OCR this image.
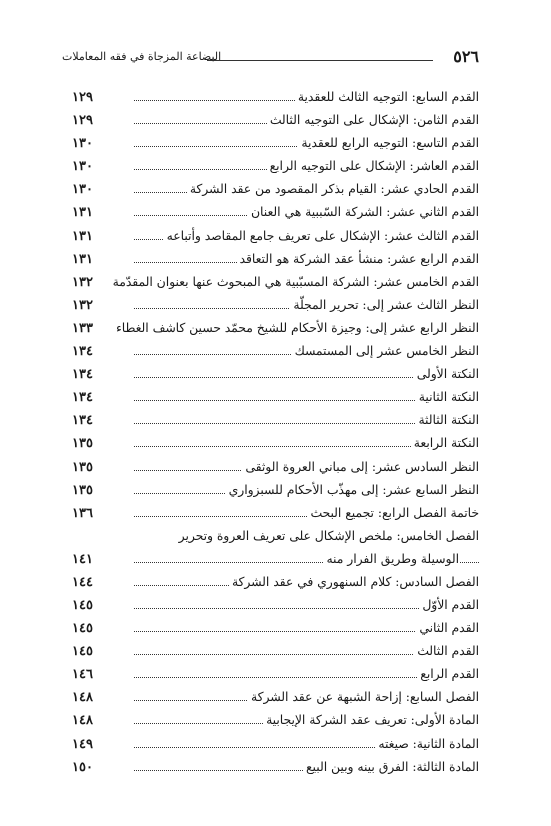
٥٢٦
البضاعة المزجاة في فقه المعاملات
القدم السابع: التوجيه الثالث للعقدية
١٢٩
القدم الثامن: الإشكال على التوجيه الثالث
١٢٩
القدم التاسع: التوجيه الرابع للعقدية
١٣٠
القدم العاشر: الإشكال على التوجيه الرابع
١٣٠
القدم الحادي عشر: القيام بذكر المقصود من عقد الشركة
١٣٠
القدم الثاني عشر: الشركة السّببية هي العنان
١٣١
القدم الثالث عشر: الإشكال على تعريف جامع المقاصد وأتباعه
١٣١
القدم الرابع عشر: منشأ عقد الشركة هو التعاقد
١٣١
القدم الخامس عشر: الشركة المسبّبية هي المبحوث عنها بعنوان المقدّمة
١٣٢
النظر الثالث عشر إلى: تحرير المجلّة
١٣٢
النظر الرابع عشر إلى: وجيزة الأحكام للشيخ محمّد حسين كاشف الغطاء
١٣٣
النظر الخامس عشر إلى المستمسك
١٣٤
النكتة الأولى
١٣٤
النكتة الثانية
١٣٤
النكتة الثالثة
١٣٤
النكتة الرابعة
١٣٥
النظر السادس عشر: إلى مباني العروة الوثقى
١٣٥
النظر السابع عشر: إلى مهذّب الأحكام للسبزواري
١٣٥
خاتمة الفصل الرابع: تجميع البحث
١٣٦
الفصل الخامس: ملخص الإشكال على تعريف العروة وتحرير
الوسيلة وطريق الفرار منه
١٤١
الفصل السادس: كلام السنهوري في عقد الشركة
١٤٤
القدم الأوّل
١٤٥
القدم الثاني
١٤٥
القدم الثالث
١٤٥
القدم الرابع
١٤٦
الفصل السابع: إزاحة الشبهة عن عقد الشركة
١٤٨
المادة الأولى: تعريف عقد الشركة الإيجابية
١٤٨
المادة الثانية: صيغته
١٤٩
المادة الثالثة: الفرق بينه وبين البيع
١٥٠
